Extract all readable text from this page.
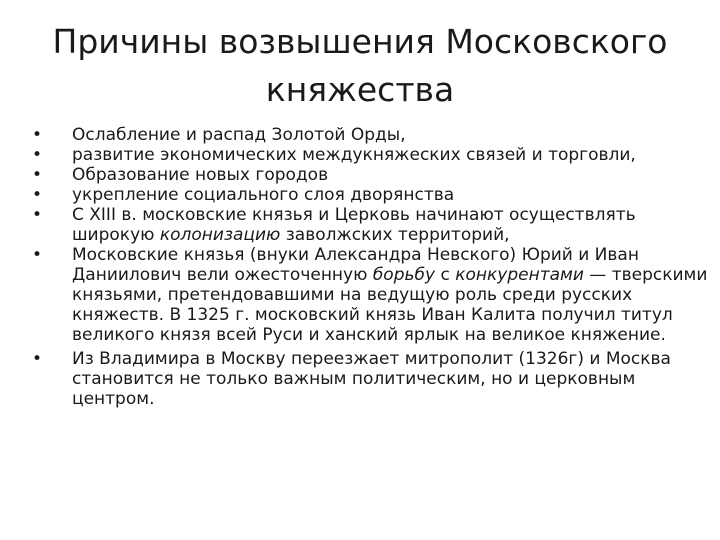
Причины возвышения Московского
княжества
• Ослабление и распад Золотой Орды,
• развитие экономических междукняжеских связей и торговли,
• Образование новых городов
• укрепление социального слоя дворянства
• С XIII в. московские князья и Церковь начинают осуществлять широкую колонизацию заволжских территорий,
• Московские князья (внуки Александра Невского) Юрий и Иван Даниилович вели ожесточенную борьбу с конкурентами — тверскими князьями, претендовавшими на ведущую роль среди русских княжеств. В 1325 г. московский князь Иван Калита получил титул великого князя всей Руси и ханский ярлык на великое княжение.
• Из Владимира в Москву переезжает митрополит (1326г) и Москва становится не только важным политическим, но и церковным центром.
